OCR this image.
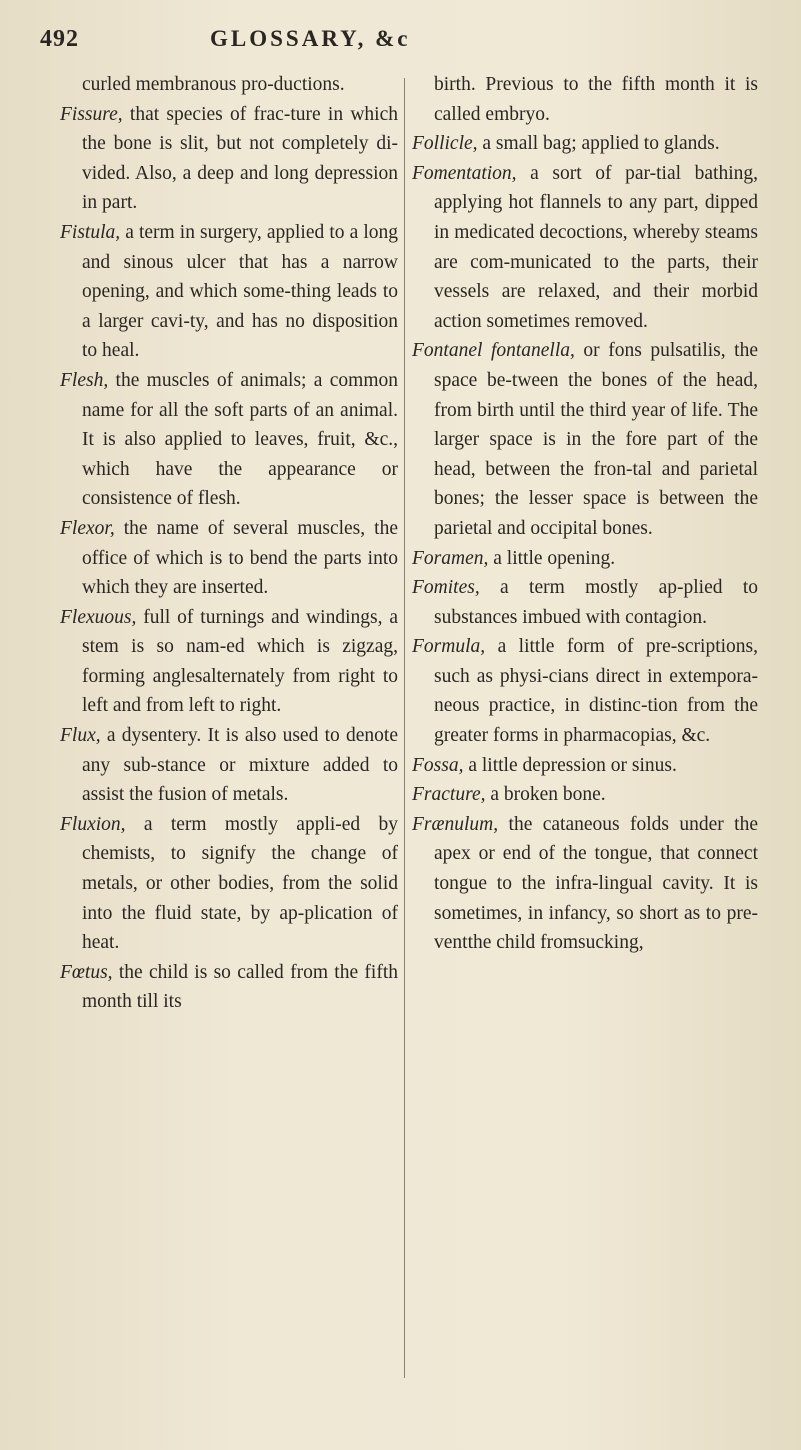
492	GLOSSARY, &c

curled membranous pro-ductions.

Fissure, that species of frac-ture in which the bone is slit, but not completely di-vided. Also, a deep and long depression in part.

Fistula, a term in surgery, applied to a long and sinous ulcer that has a narrow opening, and which some-thing leads to a larger cavi-ty, and has no disposition to heal.

Flesh, the muscles of animals; a common name for all the soft parts of an animal. It is also applied to leaves, fruit, &c., which have the appearance or consistence of flesh.

Flexor, the name of several muscles, the office of which is to bend the parts into which they are inserted.

Flexuous, full of turnings and windings, a stem is so nam-ed which is zigzag, forming anglesalternately from right to left and from left to right.

Flux, a dysentery. It is also used to denote any sub-stance or mixture added to assist the fusion of metals.

Fluxion, a term mostly appli-ed by chemists, to signify the change of metals, or other bodies, from the solid into the fluid state, by ap-plication of heat.

Fœtus, the child is so called from the fifth month till its

birth. Previous to the fifth month it is called embryo.

Follicle, a small bag; applied to glands.

Fomentation, a sort of par-tial bathing, applying hot flannels to any part, dipped in medicated decoctions, whereby steams are com-municated to the parts, their vessels are relaxed, and their morbid action sometimes removed.

Fontanel fontanella, or fons pulsatilis, the space be-tween the bones of the head, from birth until the third year of life. The larger space is in the fore part of the head, between the fron-tal and parietal bones; the lesser space is between the parietal and occipital bones.

Foramen, a little opening.

Fomites, a term mostly ap-plied to substances imbued with contagion.

Formula, a little form of pre-scriptions, such as physi-cians direct in extempora-neous practice, in distinc-tion from the greater forms in pharmacopias, &c.

Fossa, a little depression or sinus.

Fracture, a broken bone.

Frænulum, the cataneous folds under the apex or end of the tongue, that connect tongue to the infra-lingual cavity. It is sometimes, in infancy, so short as to pre-ventthe child fromsucking,
